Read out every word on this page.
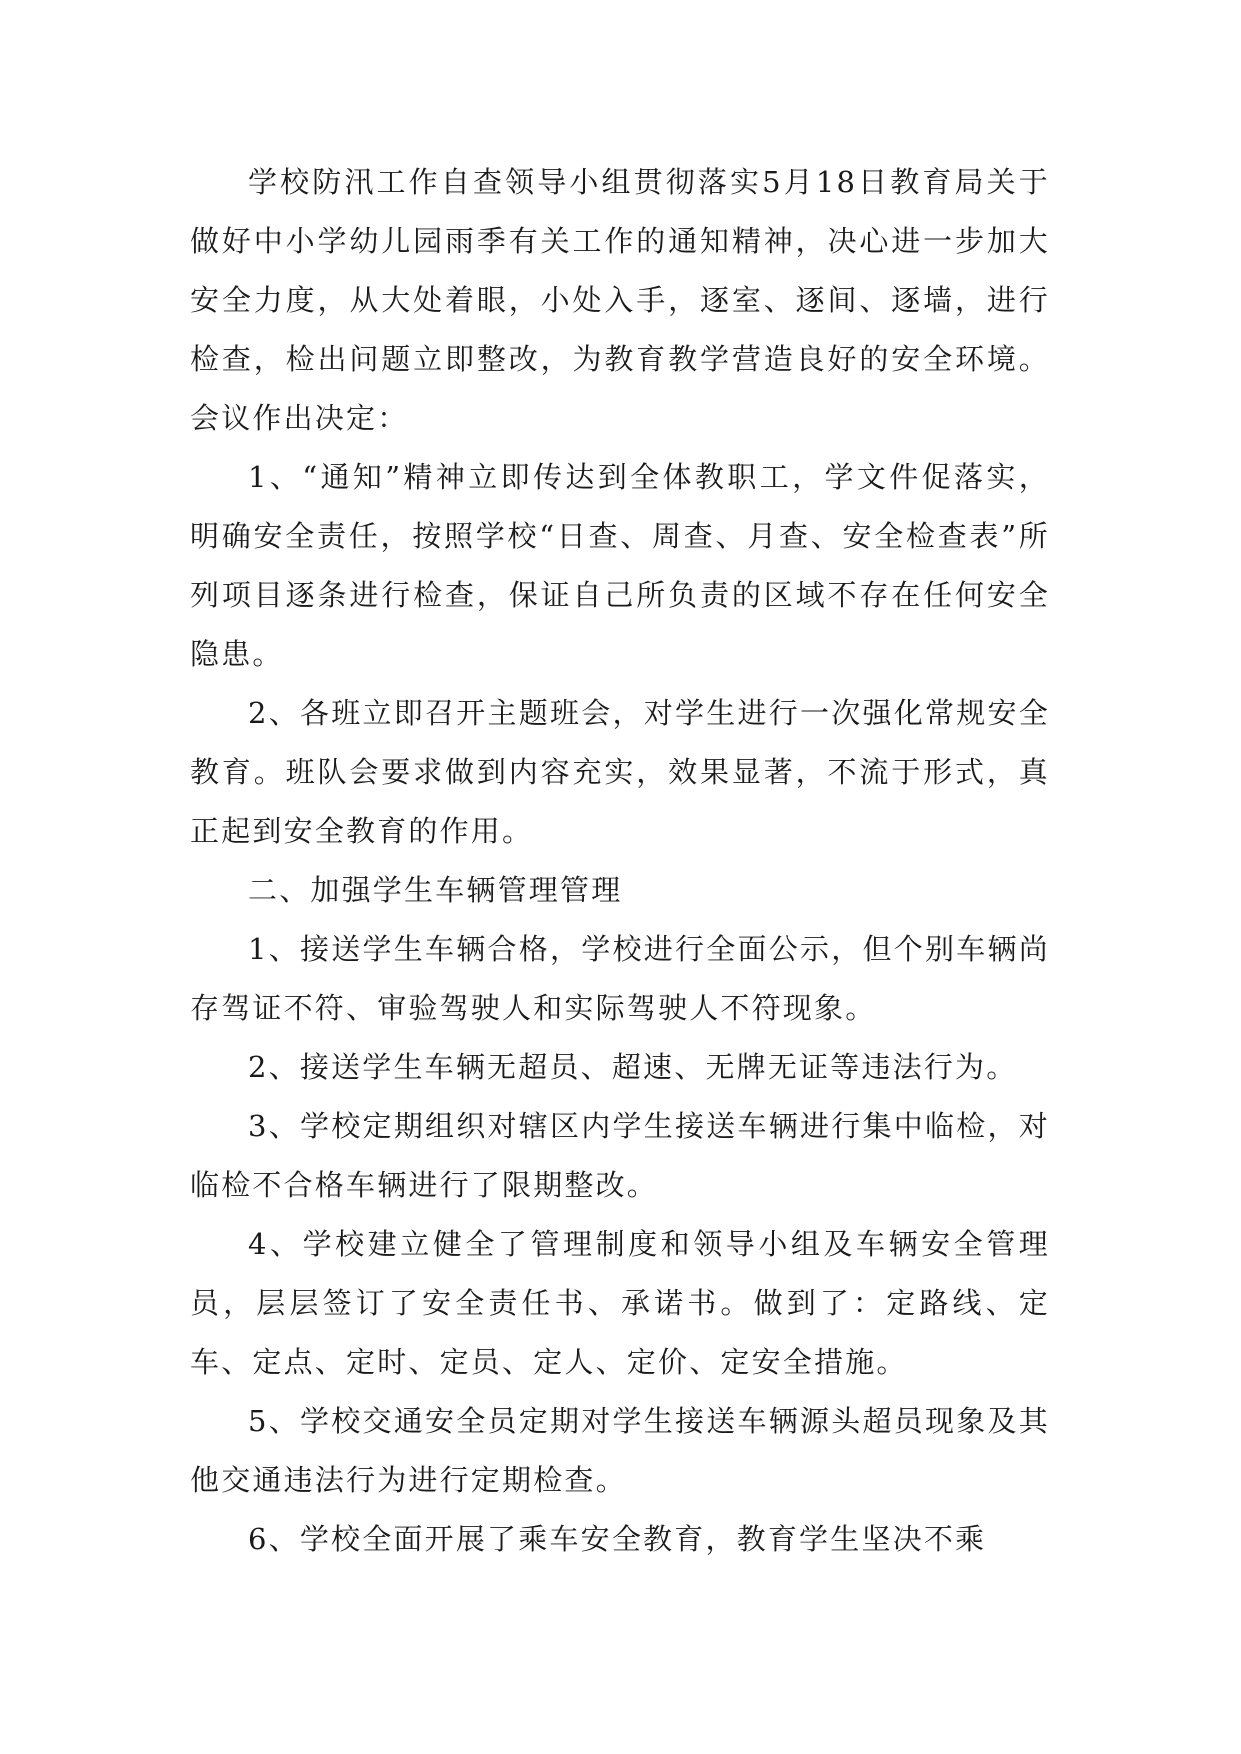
学校防汛工作自查领导小组贯彻落实5月18日教育局关于做好中小学幼儿园雨季有关工作的通知精神，决心进一步加大安全力度，从大处着眼，小处入手，逐室、逐间、逐墙，进行检查，检出问题立即整改，为教育教学营造良好的安全环境。会议作出决定：

1、“通知”精神立即传达到全体教职工，学文件促落实，明确安全责任，按照学校“日查、周查、月查、安全检查表”所列项目逐条进行检查，保证自己所负责的区域不存在任何安全隐患。

2、各班立即召开主题班会，对学生进行一次强化常规安全教育。班队会要求做到内容充实，效果显著，不流于形式，真正起到安全教育的作用。

二、加强学生车辆管理管理

1、接送学生车辆合格，学校进行全面公示，但个别车辆尚存驾证不符、审验驾驶人和实际驾驶人不符现象。

2、接送学生车辆无超员、超速、无牌无证等违法行为。

3、学校定期组织对辖区内学生接送车辆进行集中临检，对临检不合格车辆进行了限期整改。

4、学校建立健全了管理制度和领导小组及车辆安全管理员，层层签订了安全责任书、承诺书。做到了：定路线、定车、定点、定时、定员、定人、定价、定安全措施。

5、学校交通安全员定期对学生接送车辆源头超员现象及其他交通违法行为进行定期检查。

6、学校全面开展了乘车安全教育，教育学生坚决不乘
